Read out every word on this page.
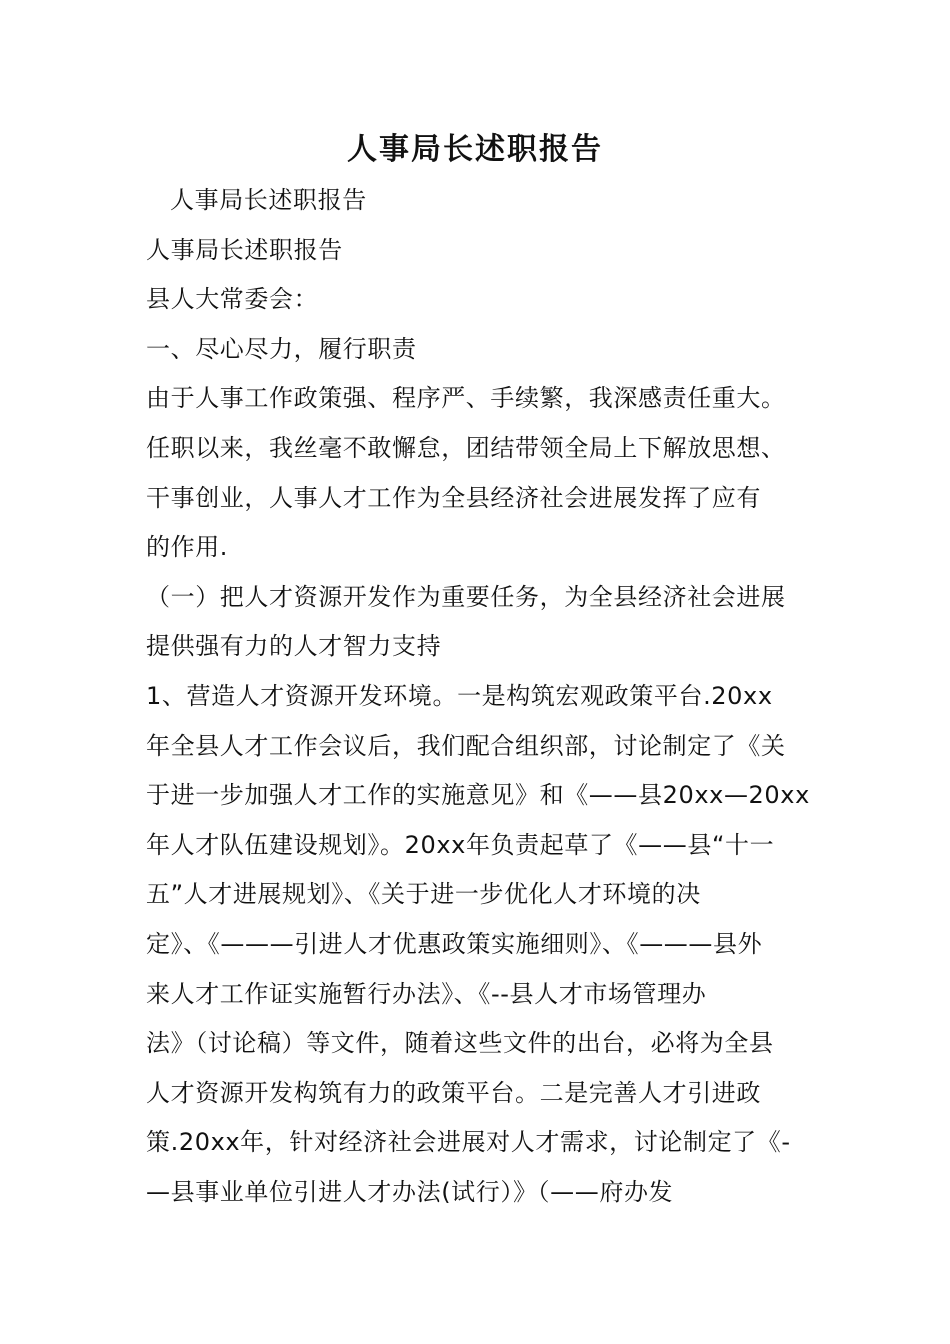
人事局长述职报告
人事局长述职报告
人事局长述职报告
县人大常委会：
一、尽心尽力，履行职责
由于人事工作政策强、程序严、手续繁，我深感责任重大。
任职以来，我丝毫不敢懈怠，团结带领全局上下解放思想、
干事创业，人事人才工作为全县经济社会进展发挥了应有
的作用.
（一）把人才资源开发作为重要任务，为全县经济社会进展
提供强有力的人才智力支持
1、营造人才资源开发环境。一是构筑宏观政策平台.20xx
年全县人才工作会议后，我们配合组织部，讨论制定了《关
于进一步加强人才工作的实施意见》和《——县20xx—20xx
年人才队伍建设规划》。20xx年负责起草了《——县“十一
五”人才进展规划》、《关于进一步优化人才环境的决
定》、《———引进人才优惠政策实施细则》、《———县外
来人才工作证实施暂行办法》、《--县人才市场管理办
法》（讨论稿）等文件，随着这些文件的出台，必将为全县
人才资源开发构筑有力的政策平台。二是完善人才引进政
策.20xx年，针对经济社会进展对人才需求，讨论制定了《-
—县事业单位引进人才办法(试行）》（——府办发
